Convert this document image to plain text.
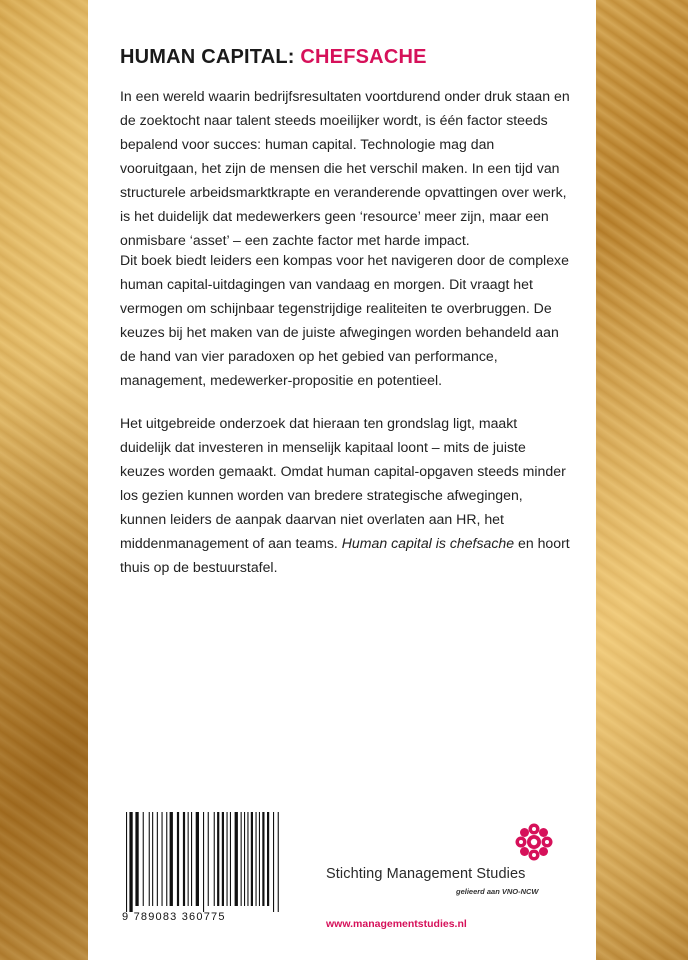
HUMAN CAPITAL: CHEFSACHE

In een wereld waarin bedrijfsresultaten voortdurend onder druk staan en de zoektocht naar talent steeds moeilijker wordt, is één factor steeds bepalend voor succes: human capital. Technologie mag dan vooruitgaan, het zijn de mensen die het verschil maken. In een tijd van structurele arbeidsmarktkrapte en veranderende opvattingen over werk, is het duidelijk dat medewerkers geen ‘resource’ meer zijn, maar een onmisbare ‘asset’ – een zachte factor met harde impact.

Dit boek biedt leiders een kompas voor het navigeren door de complexe human capital-uitdagingen van vandaag en morgen. Dit vraagt het vermogen om schijnbaar tegenstrijdige realiteiten te overbruggen. De keuzes bij het maken van de juiste afwegingen worden behandeld aan de hand van vier paradoxen op het gebied van performance, management, medewerker-propositie en potentieel.

Het uitgebreide onderzoek dat hieraan ten grondslag ligt, maakt duidelijk dat investeren in menselijk kapitaal loont – mits de juiste keuzes worden gemaakt. Omdat human capital-opgaven steeds minder los gezien kunnen worden van bredere strategische afwegingen, kunnen leiders de aanpak daarvan niet overlaten aan HR, het middenmanagement of aan teams. Human capital is chefsache en hoort thuis op de bestuurstafel.

9 789083 360775
Stichting Management Studies
gelieerd aan VNO-NCW
www.managementstudies.nl
